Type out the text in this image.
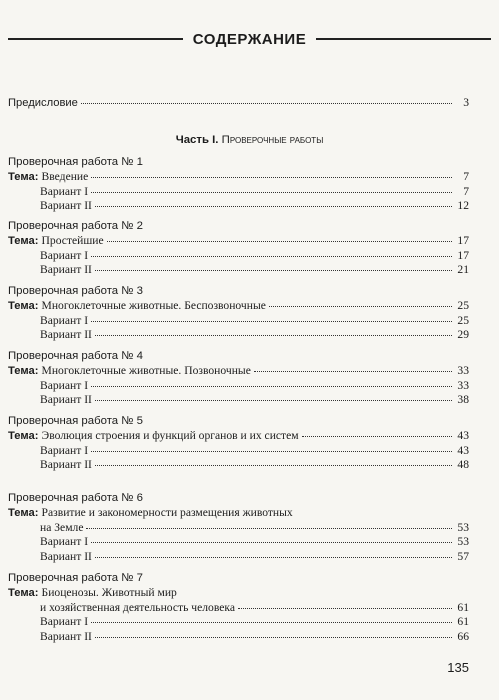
СОДЕРЖАНИЕ
Предисловие	3
Часть I. Проверочные работы
Проверочная работа № 1
Тема:
Введение	7
Вариант I	7
Вариант II	12
Проверочная работа № 2
Тема:
Простейшие	17
Вариант I	17
Вариант II	21
Проверочная работа № 3
Тема:
Многоклеточные животные. Беспозвоночные	25
Вариант I	25
Вариант II	29
Проверочная работа № 4
Тема:
Многоклеточные животные. Позвоночные	33
Вариант I	33
Вариант II	38
Проверочная работа № 5
Тема:
Эволюция строения и функций органов и их систем	43
Вариант I	43
Вариант II	48
Проверочная работа № 6
Тема:
Развитие и закономерности размещения животных
на Земле	53
Вариант I	53
Вариант II	57
Проверочная работа № 7
Тема:
Биоценозы. Животный мир
и хозяйственная деятельность человека	61
Вариант I	61
Вариант II	66
135
